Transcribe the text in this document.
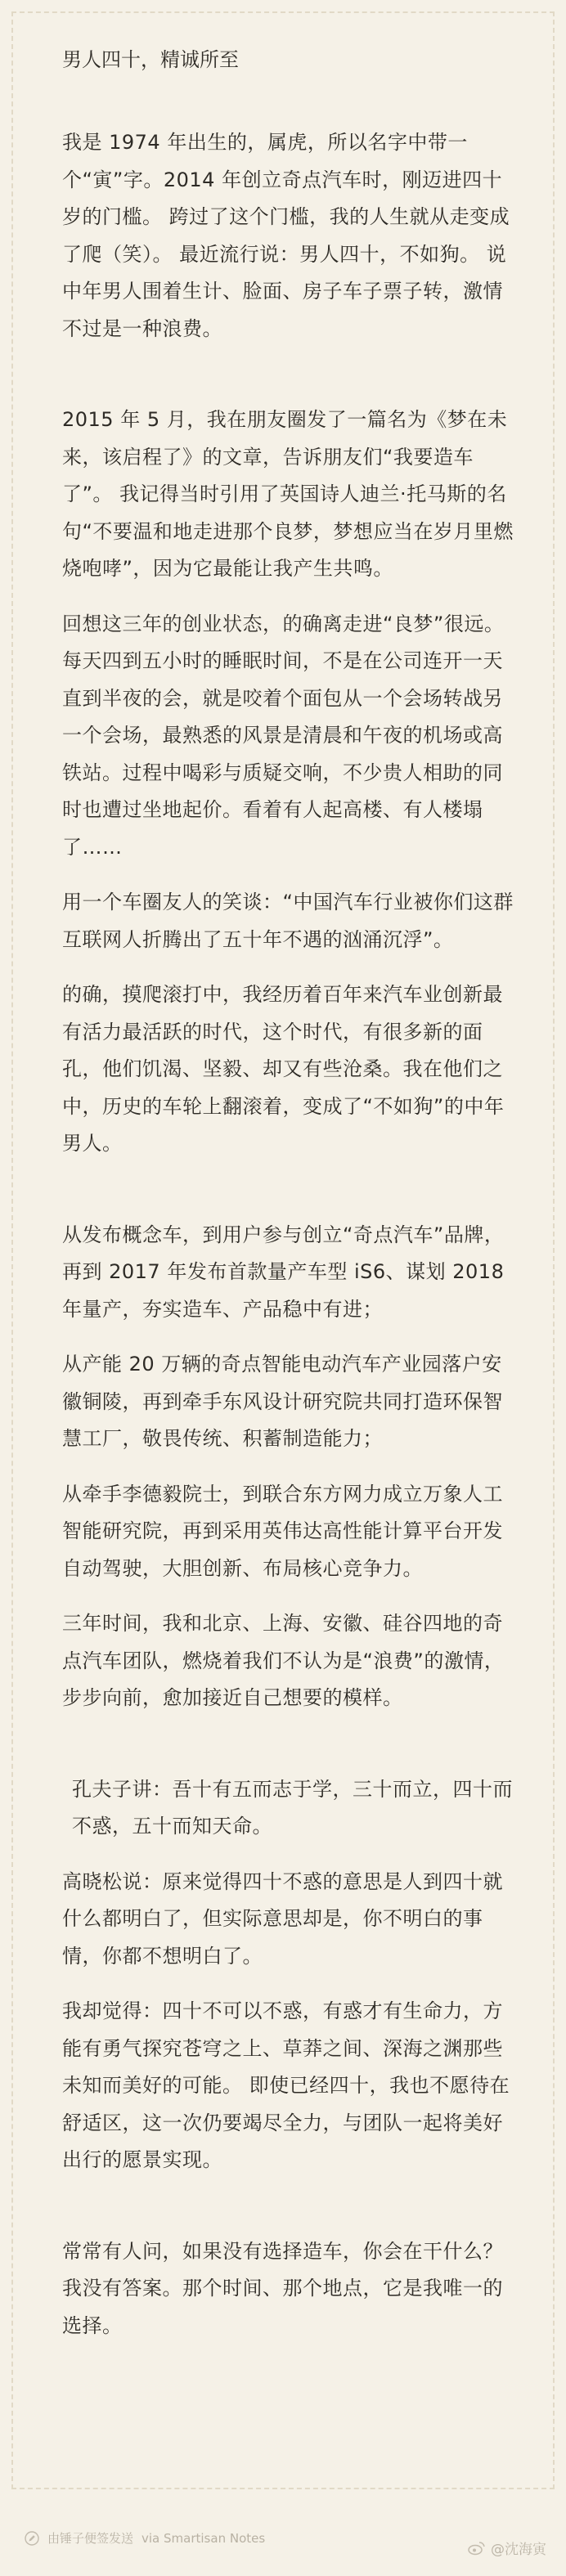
男人四十，精诚所至

我是 1974 年出生的，属虎，所以名字中带一个“寅”字。2014 年创立奇点汽车时，刚迈进四十岁的门槛。 跨过了这个门槛，我的人生就从走变成了爬（笑）。 最近流行说：男人四十，不如狗。 说中年男人围着生计、脸面、房子车子票子转，激情不过是一种浪费。

2015 年 5 月，我在朋友圈发了一篇名为《梦在未来，该启程了》的文章，告诉朋友们“我要造车了”。 我记得当时引用了英国诗人迪兰·托马斯的名句“不要温和地走进那个良梦，梦想应当在岁月里燃烧咆哮”，因为它最能让我产生共鸣。

回想这三年的创业状态，的确离走进“良梦”很远。每天四到五小时的睡眠时间，不是在公司连开一天直到半夜的会，就是咬着个面包从一个会场转战另一个会场，最熟悉的风景是清晨和午夜的机场或高铁站。过程中喝彩与质疑交响，不少贵人相助的同时也遭过坐地起价。看着有人起高楼、有人楼塌了……

用一个车圈友人的笑谈：“中国汽车行业被你们这群互联网人折腾出了五十年不遇的汹涌沉浮”。

的确，摸爬滚打中，我经历着百年来汽车业创新最有活力最活跃的时代，这个时代，有很多新的面孔，他们饥渴、坚毅、却又有些沧桑。我在他们之中，历史的车轮上翻滚着，变成了“不如狗”的中年男人。

从发布概念车，到用户参与创立“奇点汽车”品牌，再到 2017 年发布首款量产车型 iS6、谋划 2018 年量产，夯实造车、产品稳中有进；

从产能 20 万辆的奇点智能电动汽车产业园落户安徽铜陵，再到牵手东风设计研究院共同打造环保智慧工厂，敬畏传统、积蓄制造能力；

从牵手李德毅院士，到联合东方网力成立万象人工智能研究院，再到采用英伟达高性能计算平台开发自动驾驶，大胆创新、布局核心竞争力。

三年时间，我和北京、上海、安徽、硅谷四地的奇点汽车团队，燃烧着我们不认为是“浪费”的激情，步步向前，愈加接近自己想要的模样。

孔夫子讲：吾十有五而志于学，三十而立，四十而不惑，五十而知天命。

高晓松说：原来觉得四十不惑的意思是人到四十就什么都明白了，但实际意思却是，你不明白的事情，你都不想明白了。

我却觉得：四十不可以不惑，有惑才有生命力，方能有勇气探究苍穹之上、草莽之间、深海之渊那些未知而美好的可能。 即使已经四十，我也不愿待在舒适区，这一次仍要竭尽全力，与团队一起将美好出行的愿景实现。

常常有人问，如果没有选择造车，你会在干什么？我没有答案。那个时间、那个地点，它是我唯一的选择。

由锤子便签发送 via Smartisan Notes
@沈海寅
